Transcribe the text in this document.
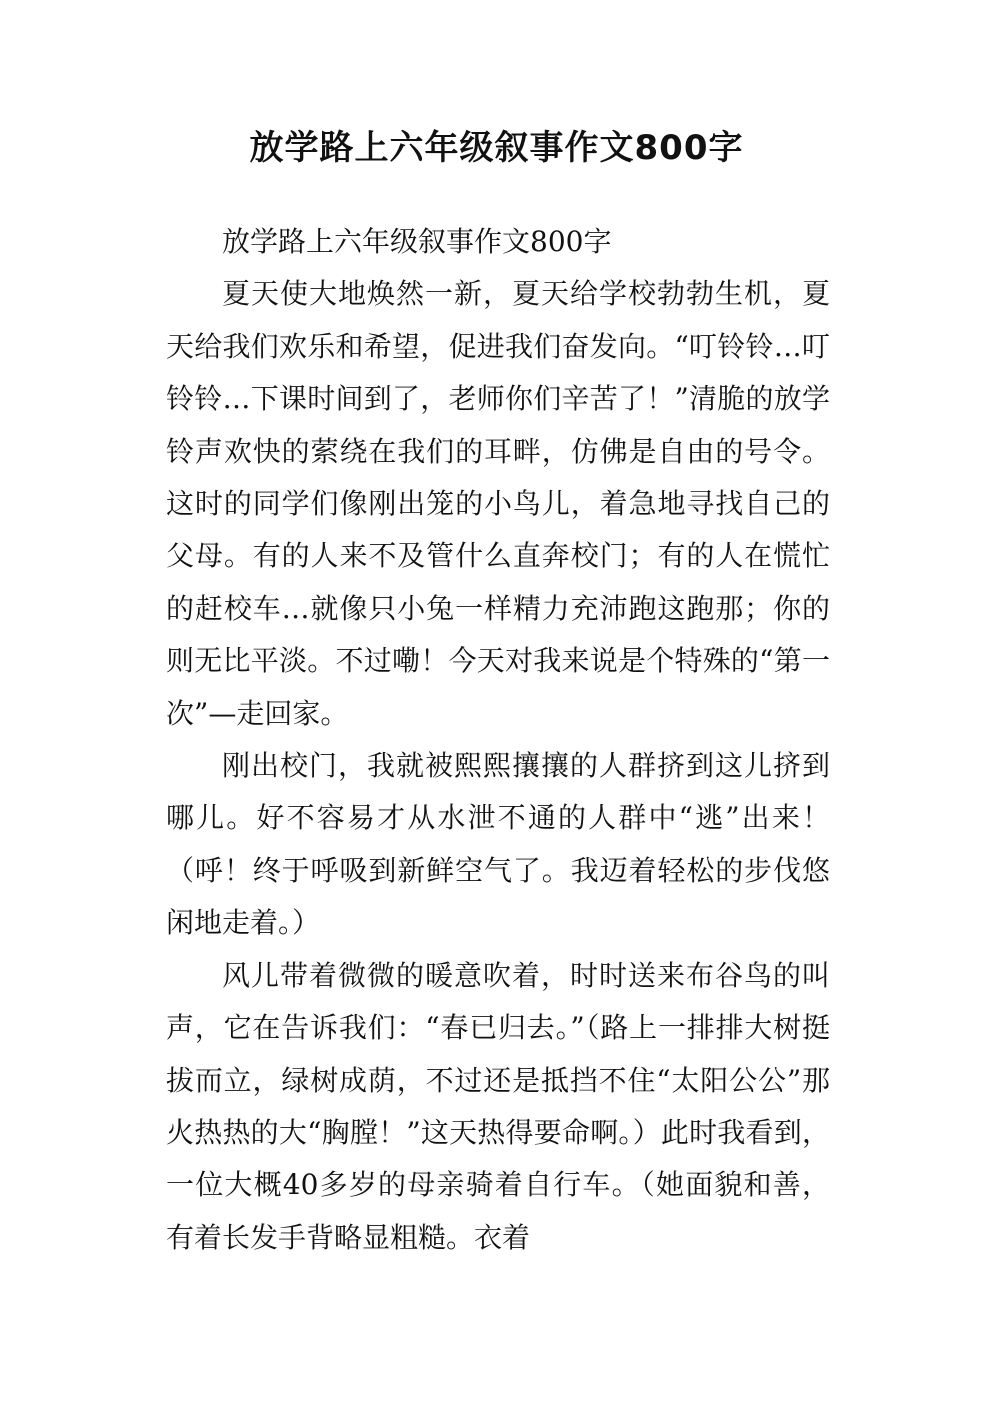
放学路上六年级叙事作文800字

放学路上六年级叙事作文800字

夏天使大地焕然一新，夏天给学校勃勃生机，夏天给我们欢乐和希望，促进我们奋发向。“叮铃铃…叮铃铃…下课时间到了，老师你们辛苦了！”清脆的放学铃声欢快的萦绕在我们的耳畔，仿佛是自由的号令。这时的同学们像刚出笼的小鸟儿，着急地寻找自己的父母。有的人来不及管什么直奔校门；有的人在慌忙的赶校车…就像只小兔一样精力充沛跑这跑那；你的则无比平淡。不过嘞！今天对我来说是个特殊的“第一次”—走回家。

刚出校门，我就被熙熙攘攘的人群挤到这儿挤到哪儿。好不容易才从水泄不通的人群中“逃”出来！（呼！终于呼吸到新鲜空气了。我迈着轻松的步伐悠闲地走着。）

风儿带着微微的暖意吹着，时时送来布谷鸟的叫声，它在告诉我们：“春已归去。”（路上一排排大树挺拔而立，绿树成荫，不过还是抵挡不住“太阳公公”那火热热的大“胸膛！”这天热得要命啊。）此时我看到，一位大概40多岁的母亲骑着自行车。（她面貌和善，有着长发手背略显粗糙。衣着
